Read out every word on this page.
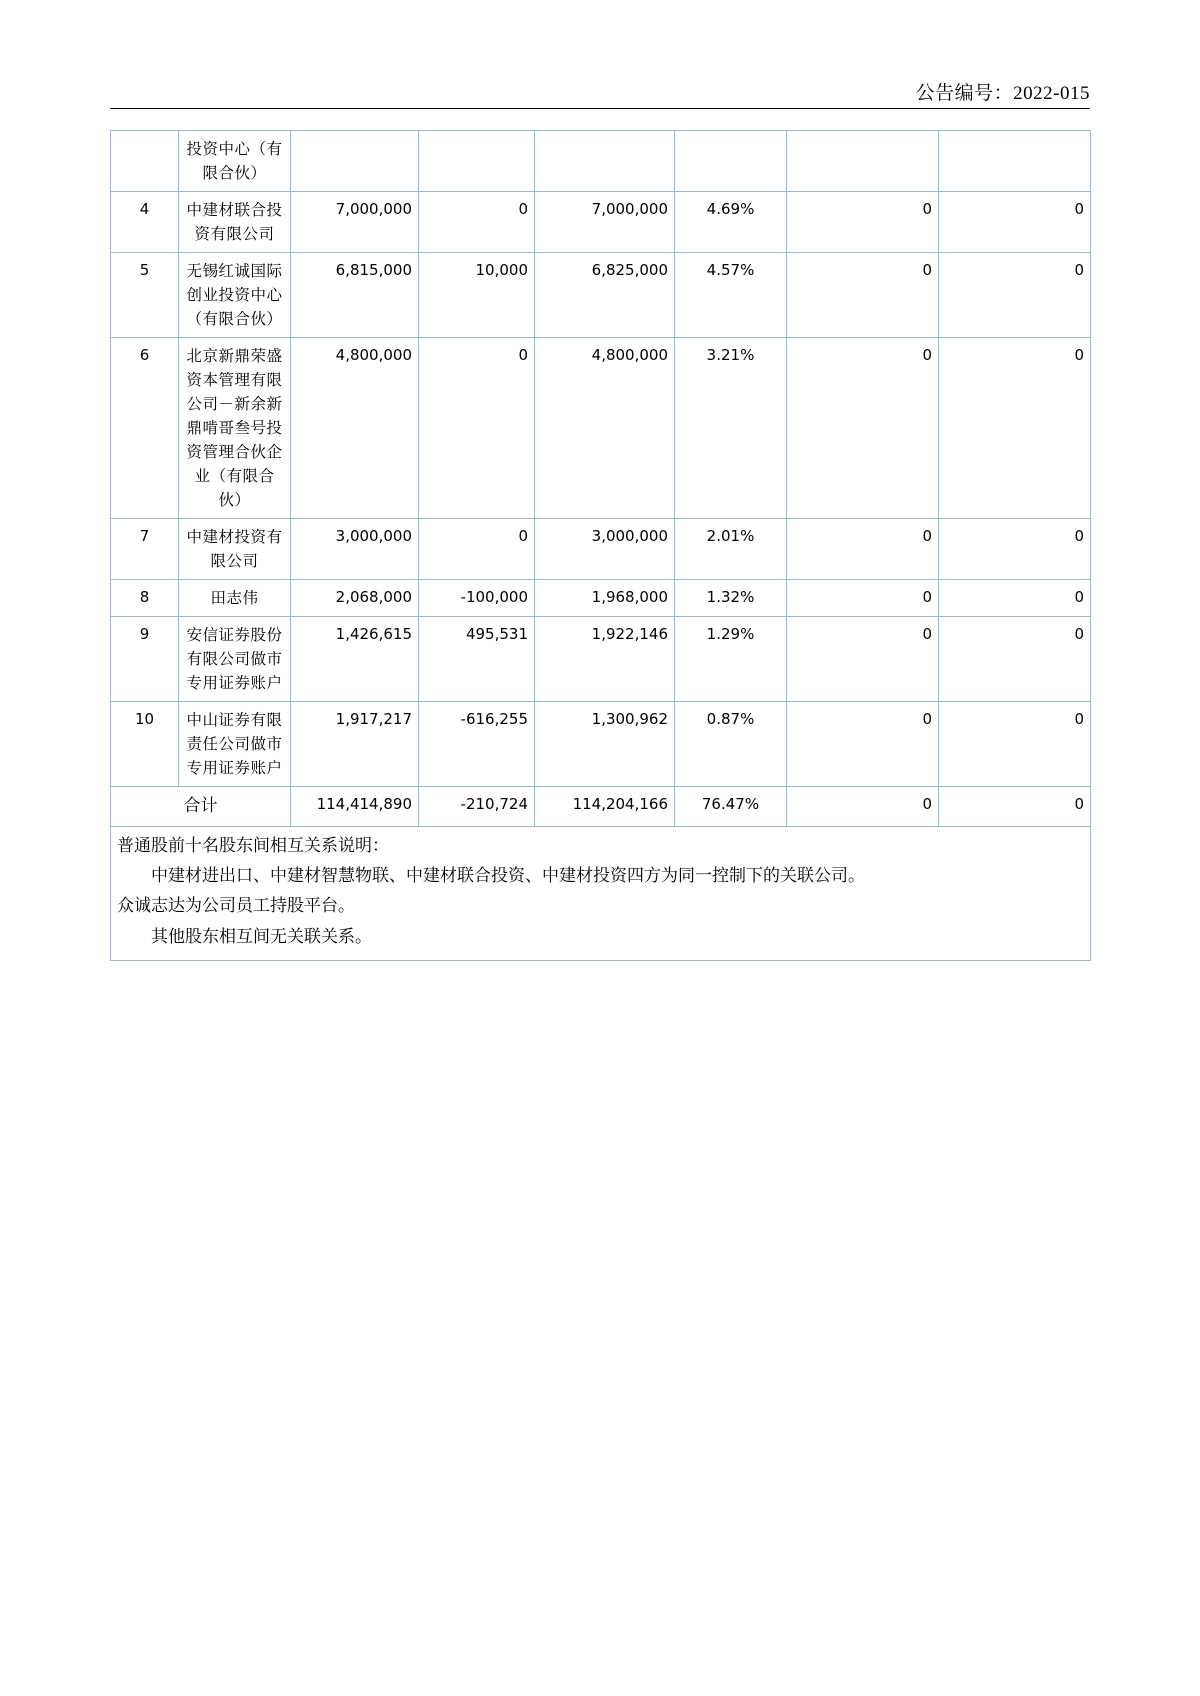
公告编号：2022-015
	投资中心（有限合伙）						
4	中建材联合投资有限公司	7,000,000	0	7,000,000	4.69%	0	0
5	无锡红诚国际创业投资中心（有限合伙）	6,815,000	10,000	6,825,000	4.57%	0	0
6	北京新鼎荣盛资本管理有限公司－新余新鼎啃哥叁号投资管理合伙企业（有限合伙）	4,800,000	0	4,800,000	3.21%	0	0
7	中建材投资有限公司	3,000,000	0	3,000,000	2.01%	0	0
8	田志伟	2,068,000	-100,000	1,968,000	1.32%	0	0
9	安信证券股份有限公司做市专用证券账户	1,426,615	495,531	1,922,146	1.29%	0	0
10	中山证券有限责任公司做市专用证券账户	1,917,217	-616,255	1,300,962	0.87%	0	0
合计		114,414,890	-210,724	114,204,166	76.47%	0	0

普通股前十名股东间相互关系说明：

中建材进出口、中建材智慧物联、中建材联合投资、中建材投资四方为同一控制下的关联公司。

众诚志达为公司员工持股平台。

其他股东相互间无关联关系。							
